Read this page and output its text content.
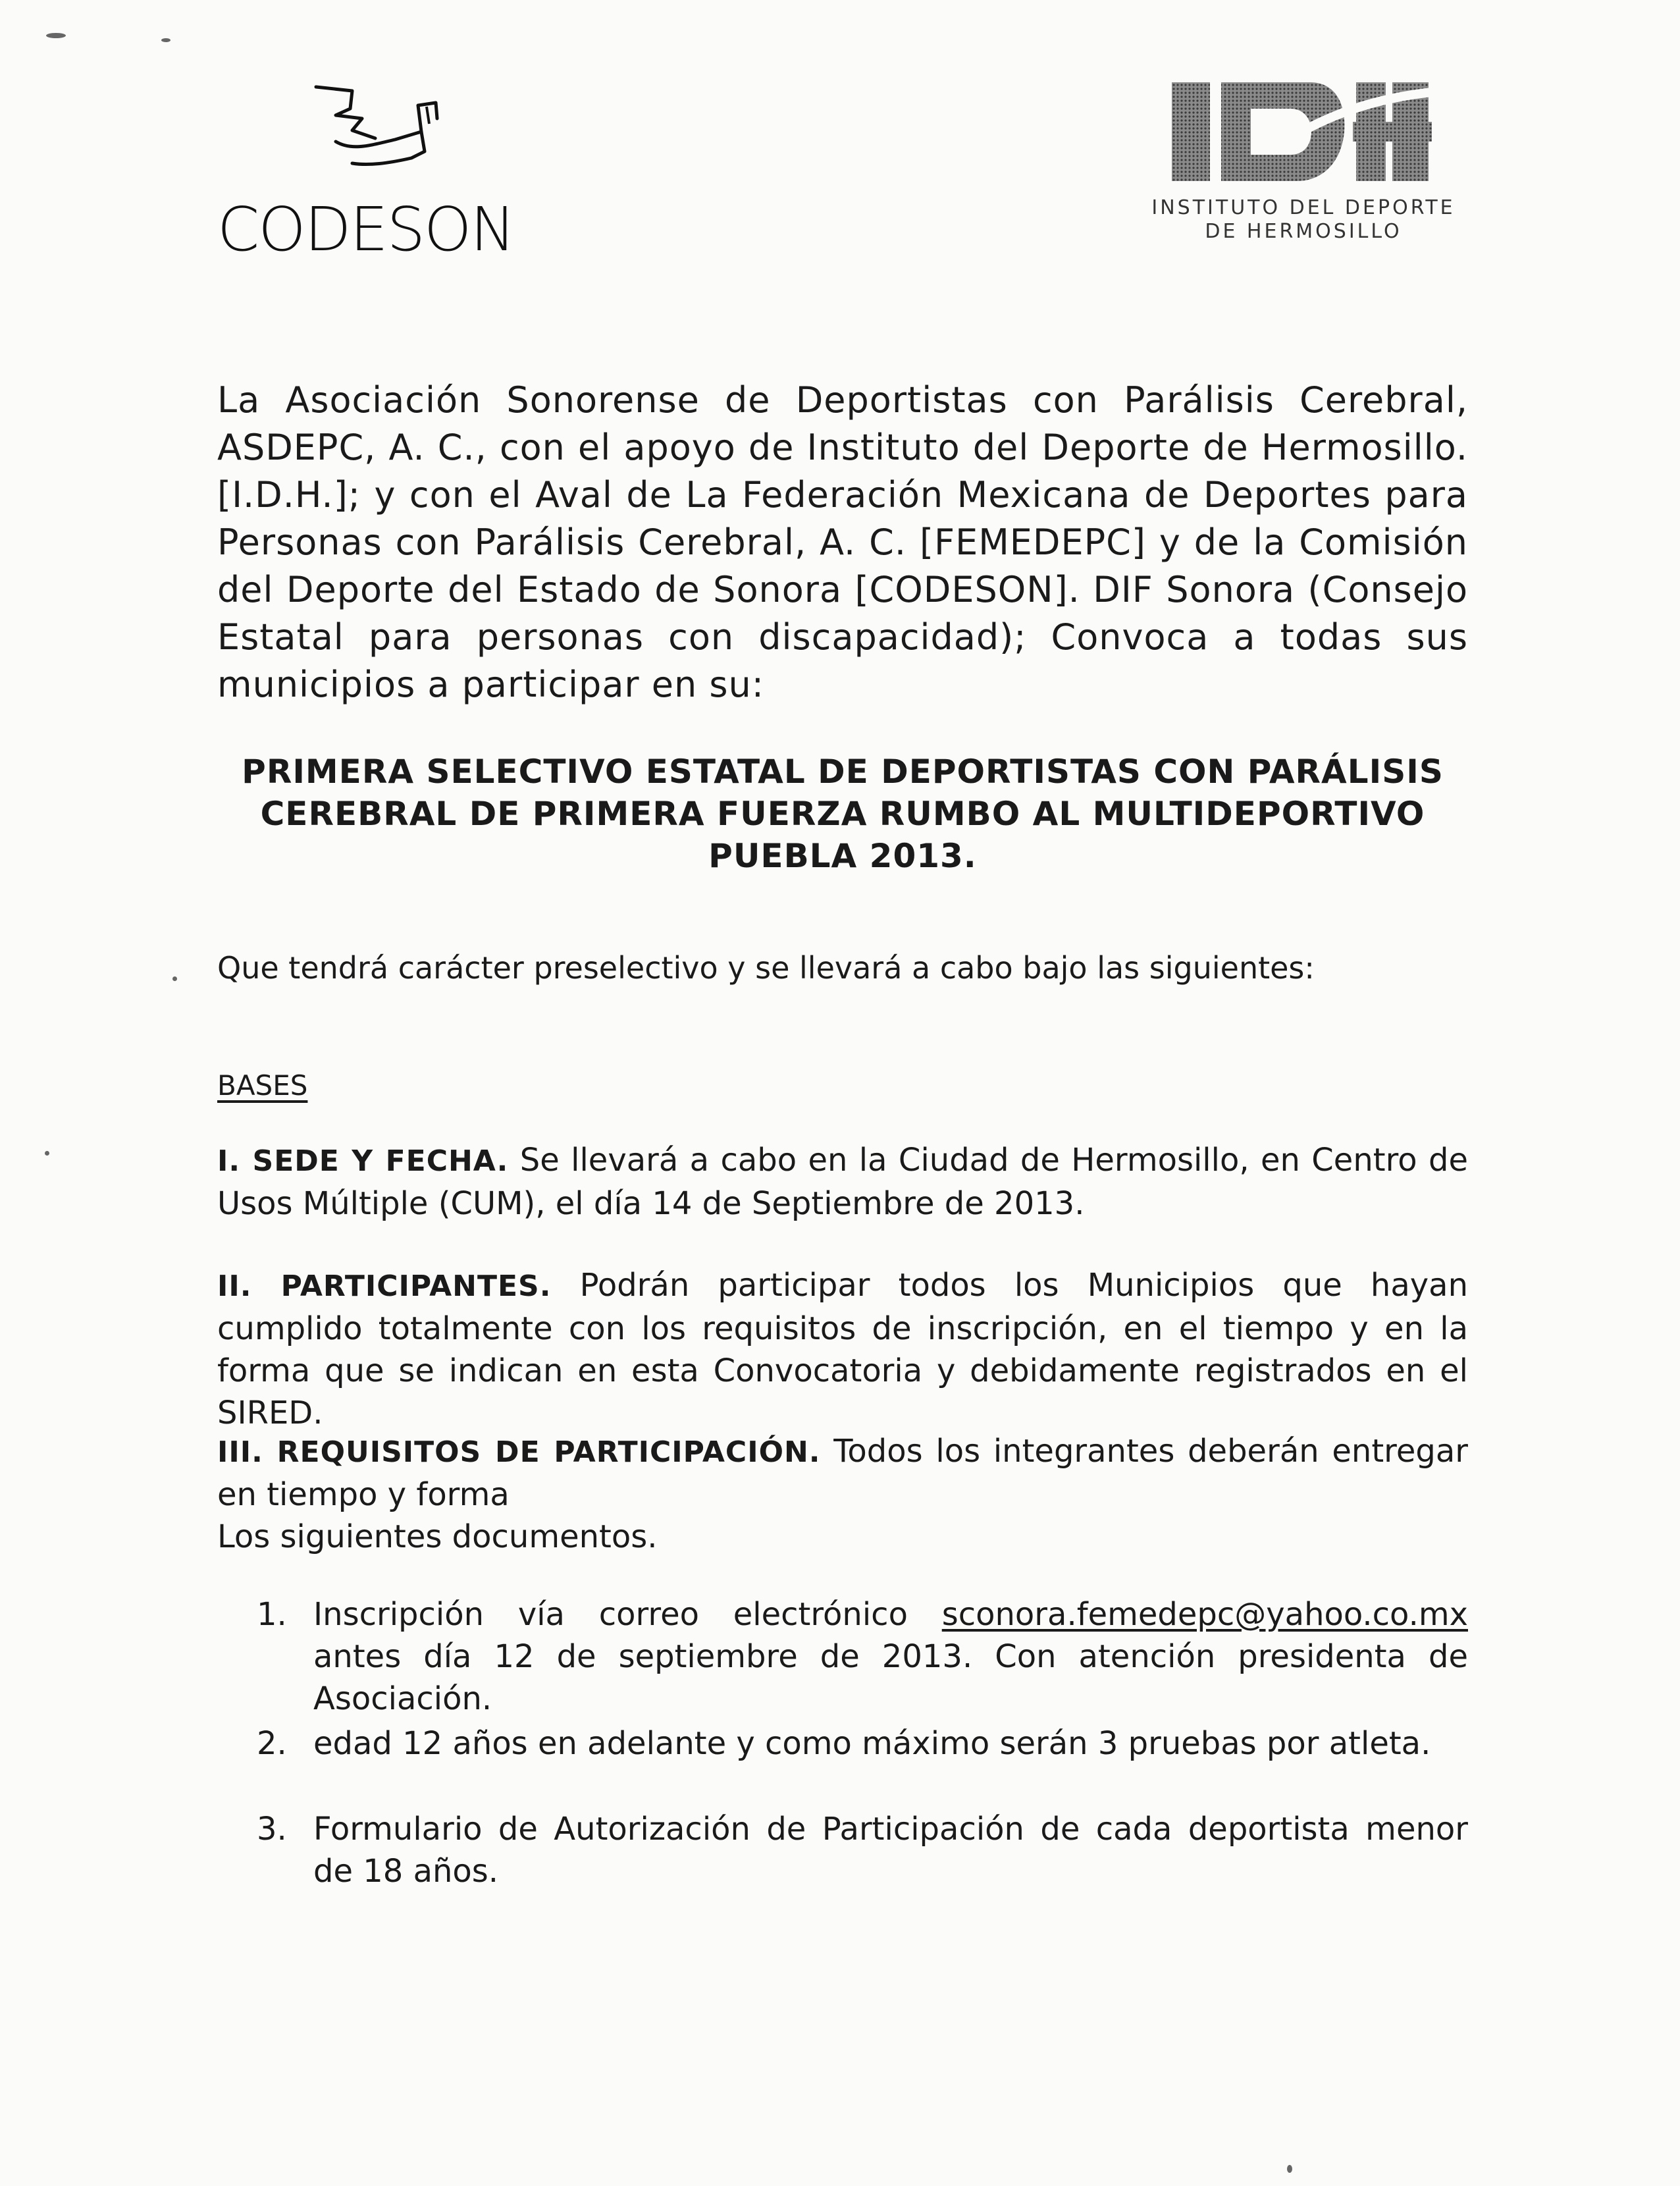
CODESON	INSTITUTO DEL DEPORTE
DE HERMOSILLO
La Asociación Sonorense de Deportistas con Parálisis Cerebral, ASDEPC, A. C., con el apoyo de Instituto del Deporte de Hermosillo. [I.D.H.]; y con el Aval de La Federación Mexicana de Deportes para Personas con Parálisis Cerebral, A. C. [FEMEDEPC] y de la Comisión del Deporte del Estado de Sonora [CODESON]. DIF Sonora (Consejo Estatal para personas con discapacidad); Convoca a todas sus municipios a participar en su:
PRIMERA SELECTIVO ESTATAL DE DEPORTISTAS CON PARÁLISIS
CEREBRAL DE PRIMERA FUERZA RUMBO AL MULTIDEPORTIVO
PUEBLA 2013.
Que tendrá carácter preselectivo y se llevará a cabo bajo las siguientes:
BASES
I. SEDE Y FECHA. Se llevará a cabo en la Ciudad de Hermosillo, en Centro de Usos Múltiple (CUM), el día 14 de Septiembre de 2013.
II. PARTICIPANTES. Podrán participar todos los Municipios que hayan cumplido totalmente con los requisitos de inscripción, en el tiempo y en la forma que se indican en esta Convocatoria y debidamente registrados en el SIRED.
III. REQUISITOS DE PARTICIPACIÓN. Todos los integrantes deberán entregar en tiempo y forma
Los siguientes documentos.
1. Inscripción vía correo electrónico sconora.femedepc@yahoo.co.mx antes día 12 de septiembre de 2013. Con atención presidenta de Asociación.
2. edad 12 años en adelante y como máximo serán 3 pruebas por atleta.
3. Formulario de Autorización de Participación de cada deportista menor de 18 años.
